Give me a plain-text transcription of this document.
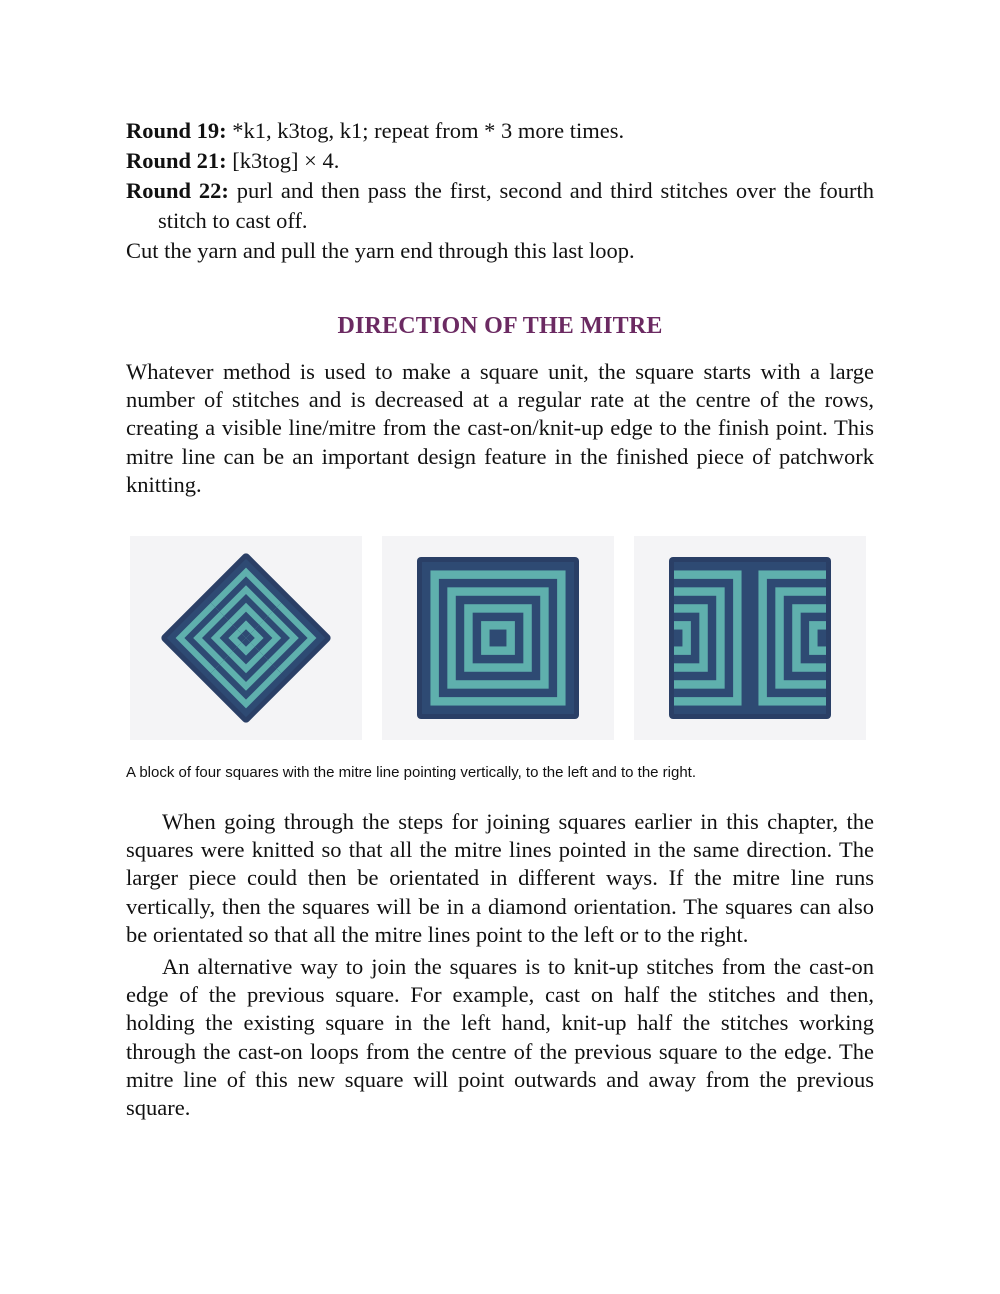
Round 19: *k1, k3tog, k1; repeat from * 3 more times.

Round 21: [k3tog] × 4.

Round 22: purl and then pass the first, second and third stitches over the fourth stitch to cast off.

Cut the yarn and pull the yarn end through this last loop.

DIRECTION OF THE MITRE

Whatever method is used to make a square unit, the square starts with a large number of stitches and is decreased at a regular rate at the centre of the rows, creating a visible line/mitre from the cast-on/knit-up edge to the finish point. This mitre line can be an important design feature in the finished piece of patchwork knitting.

A block of four squares with the mitre line pointing vertically, to the left and to the right.

When going through the steps for joining squares earlier in this chapter, the squares were knitted so that all the mitre lines pointed in the same direction. The larger piece could then be orientated in different ways. If the mitre line runs vertically, then the squares will be in a diamond orientation. The squares can also be orientated so that all the mitre lines point to the left or to the right.

An alternative way to join the squares is to knit-up stitches from the cast-on edge of the previous square. For example, cast on half the stitches and then, holding the existing square in the left hand, knit-up half the stitches working through the cast-on loops from the centre of the previous square to the edge. The mitre line of this new square will point outwards and away from the previous square.
